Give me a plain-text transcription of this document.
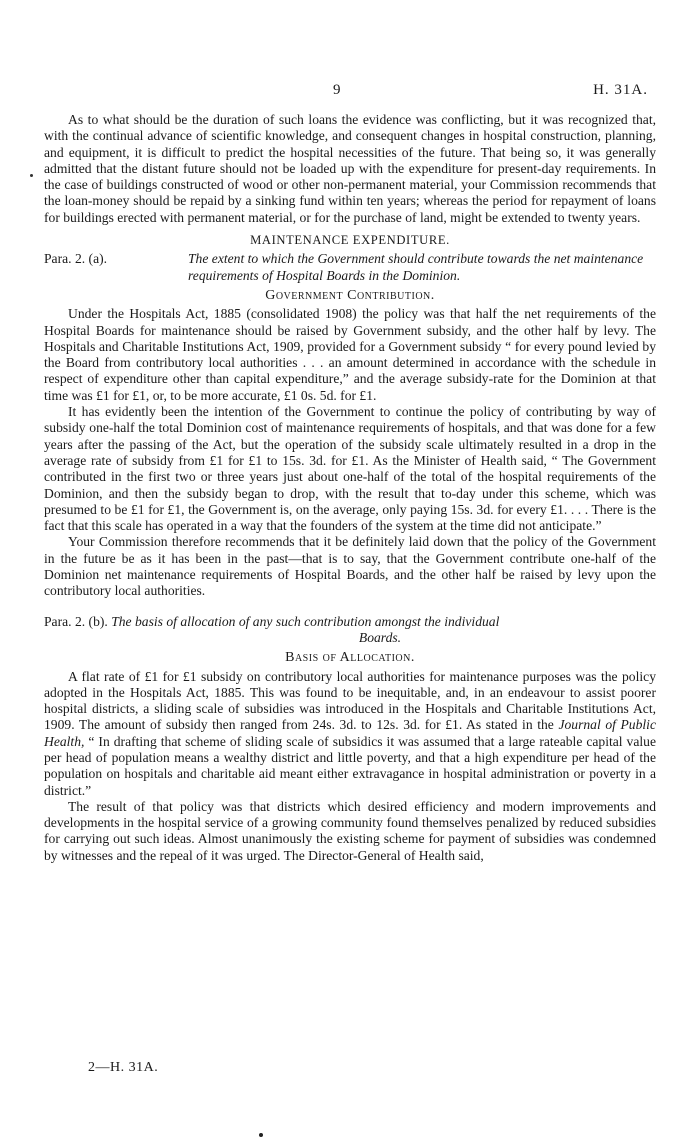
9	H. 31A.

As to what should be the duration of such loans the evidence was conflicting, but it was recognized that, with the continual advance of scientific knowledge, and consequent changes in hospital construction, planning, and equipment, it is difficult to predict the hospital necessities of the future. That being so, it was generally admitted that the distant future should not be loaded up with the expenditure for present-day requirements. In the case of buildings constructed of wood or other non-permanent material, your Commission recommends that the loan-money should be repaid by a sinking fund within ten years; whereas the period for repayment of loans for buildings erected with permanent material, or for the purchase of land, might be extended to twenty years.

MAINTENANCE EXPENDITURE.

Para. 2. (a).	The extent to which the Government should contribute towards the net maintenance requirements of Hospital Boards in the Dominion.

Government Contribution.

Under the Hospitals Act, 1885 (consolidated 1908) the policy was that half the net requirements of the Hospital Boards for maintenance should be raised by Government subsidy, and the other half by levy. The Hospitals and Charitable Institutions Act, 1909, provided for a Government subsidy “ for every pound levied by the Board from contributory local authorities . . . an amount determined in accordance with the schedule in respect of expenditure other than capital expenditure,” and the average subsidy-rate for the Dominion at that time was £1 for £1, or, to be more accurate, £1 0s. 5d. for £1.

It has evidently been the intention of the Government to continue the policy of contributing by way of subsidy one-half the total Dominion cost of maintenance requirements of hospitals, and that was done for a few years after the passing of the Act, but the operation of the subsidy scale ultimately resulted in a drop in the average rate of subsidy from £1 for £1 to 15s. 3d. for £1. As the Minister of Health said, “ The Government contributed in the first two or three years just about one-half of the total of the hospital requirements of the Dominion, and then the subsidy began to drop, with the result that to-day under this scheme, which was presumed to be £1 for £1, the Government is, on the average, only paying 15s. 3d. for every £1. . . . There is the fact that this scale has operated in a way that the founders of the system at the time did not anticipate.”

Your Commission therefore recommends that it be definitely laid down that the policy of the Government in the future be as it has been in the past—that is to say, that the Government contribute one-half of the Dominion net maintenance requirements of Hospital Boards, and the other half be raised by levy upon the contributory local authorities.

Para. 2. (b). The basis of allocation of any such contribution amongst the individual
Boards.

Basis of Allocation.

A flat rate of £1 for £1 subsidy on contributory local authorities for maintenance purposes was the policy adopted in the Hospitals Act, 1885. This was found to be inequitable, and, in an endeavour to assist poorer hospital districts, a sliding scale of subsidies was introduced in the Hospitals and Charitable Institutions Act, 1909. The amount of subsidy then ranged from 24s. 3d. to 12s. 3d. for £1. As stated in the Journal of Public Health, “ In drafting that scheme of sliding scale of subsidics it was assumed that a large rateable capital value per head of population means a wealthy district and little poverty, and that a high expenditure per head of the population on hospitals and charitable aid meant either extravagance in hospital administration or poverty in a district.”

The result of that policy was that districts which desired efficiency and modern improvements and developments in the hospital service of a growing community found themselves penalized by reduced subsidies for carrying out such ideas. Almost unanimously the existing scheme for payment of subsidies was condemned by witnesses and the repeal of it was urged. The Director-General of Health said,

2—H. 31A.
